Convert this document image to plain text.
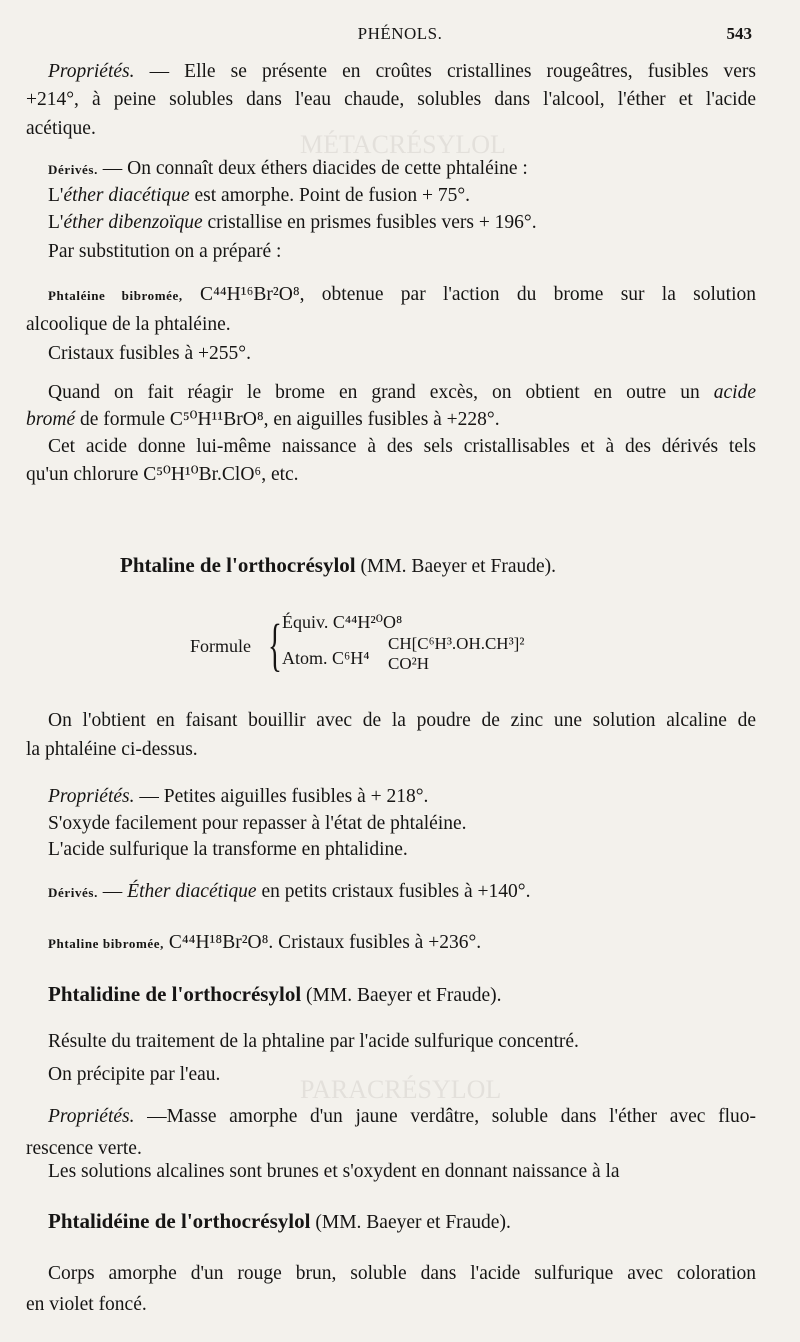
MÉTACRÉSYLOL
PARACRÉSYLOL
PHÉNOLS.	543
Propriétés. — Elle se présente en croûtes cristallines rougeâtres, fusibles vers
+214°, à peine solubles dans l'eau chaude, solubles dans l'alcool, l'éther et l'acide
acétique.
Dérivés. — On connaît deux éthers diacides de cette phtaléine :
L'éther diacétique est amorphe. Point de fusion + 75°.
L'éther dibenzoïque cristallise en prismes fusibles vers + 196°.
Par substitution on a préparé :
Phtaléine bibromée, C⁴⁴H¹⁶Br²O⁸, obtenue par l'action du brome sur la solution
alcoolique de la phtaléine.
Cristaux fusibles à +255°.
Quand on fait réagir le brome en grand excès, on obtient en outre un acide
bromé de formule C⁵⁰H¹¹BrO⁸, en aiguilles fusibles à +228°.
Cet acide donne lui-même naissance à des sels cristallisables et à des dérivés tels
qu'un chlorure C⁵⁰H¹⁰Br.ClO⁶, etc.
Phtaline de l'orthocrésylol (MM. Baeyer et Fraude).
Formule { Équiv. C⁴⁴H²⁰O⁸
Atom. C⁶H⁴
CH[C⁶H³.OH.CH³]²
CO²H
On l'obtient en faisant bouillir avec de la poudre de zinc une solution alcaline de
la phtaléine ci-dessus.
Propriétés. — Petites aiguilles fusibles à + 218°.
S'oxyde facilement pour repasser à l'état de phtaléine.
L'acide sulfurique la transforme en phtalidine.
Dérivés. — Éther diacétique en petits cristaux fusibles à +140°.
Phtaline bibromée, C⁴⁴H¹⁸Br²O⁸. Cristaux fusibles à +236°.
Phtalidine de l'orthocrésylol (MM. Baeyer et Fraude).
Résulte du traitement de la phtaline par l'acide sulfurique concentré.
On précipite par l'eau.
Propriétés. —Masse amorphe d'un jaune verdâtre, soluble dans l'éther avec fluo-
rescence verte.
Les solutions alcalines sont brunes et s'oxydent en donnant naissance à la
Phtalidéine de l'orthocrésylol (MM. Baeyer et Fraude).
Corps amorphe d'un rouge brun, soluble dans l'acide sulfurique avec coloration
en violet foncé.
